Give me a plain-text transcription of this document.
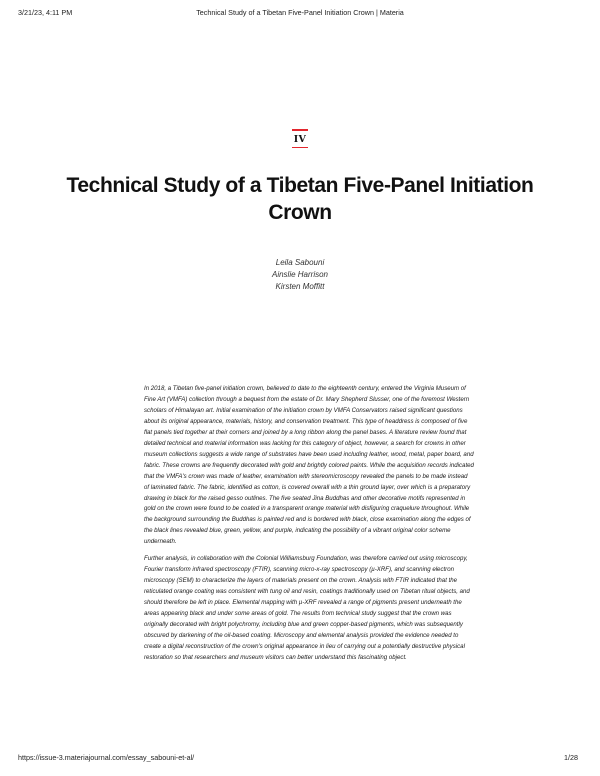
3/21/23, 4:11 PM	Technical Study of a Tibetan Five-Panel Initiation Crown | Materia
IV
Technical Study of a Tibetan Five-Panel Initiation Crown
Leila Sabouni
Ainslie Harrison
Kirsten Moffitt

In 2018, a Tibetan five-panel initiation crown, believed to date to the eighteenth century, entered the Virginia Museum of Fine Art (VMFA) collection through a bequest from the estate of Dr. Mary Shepherd Slusser, one of the foremost Western scholars of Himalayan art. Initial examination of the initiation crown by VMFA Conservators raised significant questions about its original appearance, materials, history, and conservation treatment. This type of headdress is composed of five flat panels tied together at their corners and joined by a long ribbon along the panel bases. A literature review found that detailed technical and material information was lacking for this category of object, however, a search for crowns in other museum collections suggests a wide range of substrates have been used including leather, wood, metal, paper board, and fabric. These crowns are frequently decorated with gold and brightly colored paints. While the acquisition records indicated that the VMFA's crown was made of leather, examination with stereomicroscopy revealed the panels to be made instead of laminated fabric. The fabric, identified as cotton, is covered overall with a thin ground layer, over which is a preparatory drawing in black for the raised gesso outlines. The five seated Jina Buddhas and other decorative motifs represented in gold on the crown were found to be coated in a transparent orange material with disfiguring craquelure throughout. While the background surrounding the Buddhas is painted red and is bordered with black, close examination along the edges of the black lines revealed blue, green, yellow, and purple, indicating the possibility of a vibrant original color scheme underneath.

Further analysis, in collaboration with the Colonial Williamsburg Foundation, was therefore carried out using microscopy, Fourier transform infrared spectroscopy (FTIR), scanning micro-x-ray spectroscopy (µ-XRF), and scanning electron microscopy (SEM) to characterize the layers of materials present on the crown. Analysis with FTIR indicated that the reticulated orange coating was consistent with tung oil and resin, coatings traditionally used on Tibetan ritual objects, and should therefore be left in place. Elemental mapping with µ-XRF revealed a range of pigments present underneath the areas appearing black and under some areas of gold. The results from technical study suggest that the crown was originally decorated with bright polychromy, including blue and green copper-based pigments, which was subsequently obscured by darkening of the oil-based coating. Microscopy and elemental analysis provided the evidence needed to create a digital reconstruction of the crown's original appearance in lieu of carrying out a potentially destructive physical restoration so that researchers and museum visitors can better understand this fascinating object.

https://issue-3.materiajournal.com/essay_sabouni-et-al/	1/28
